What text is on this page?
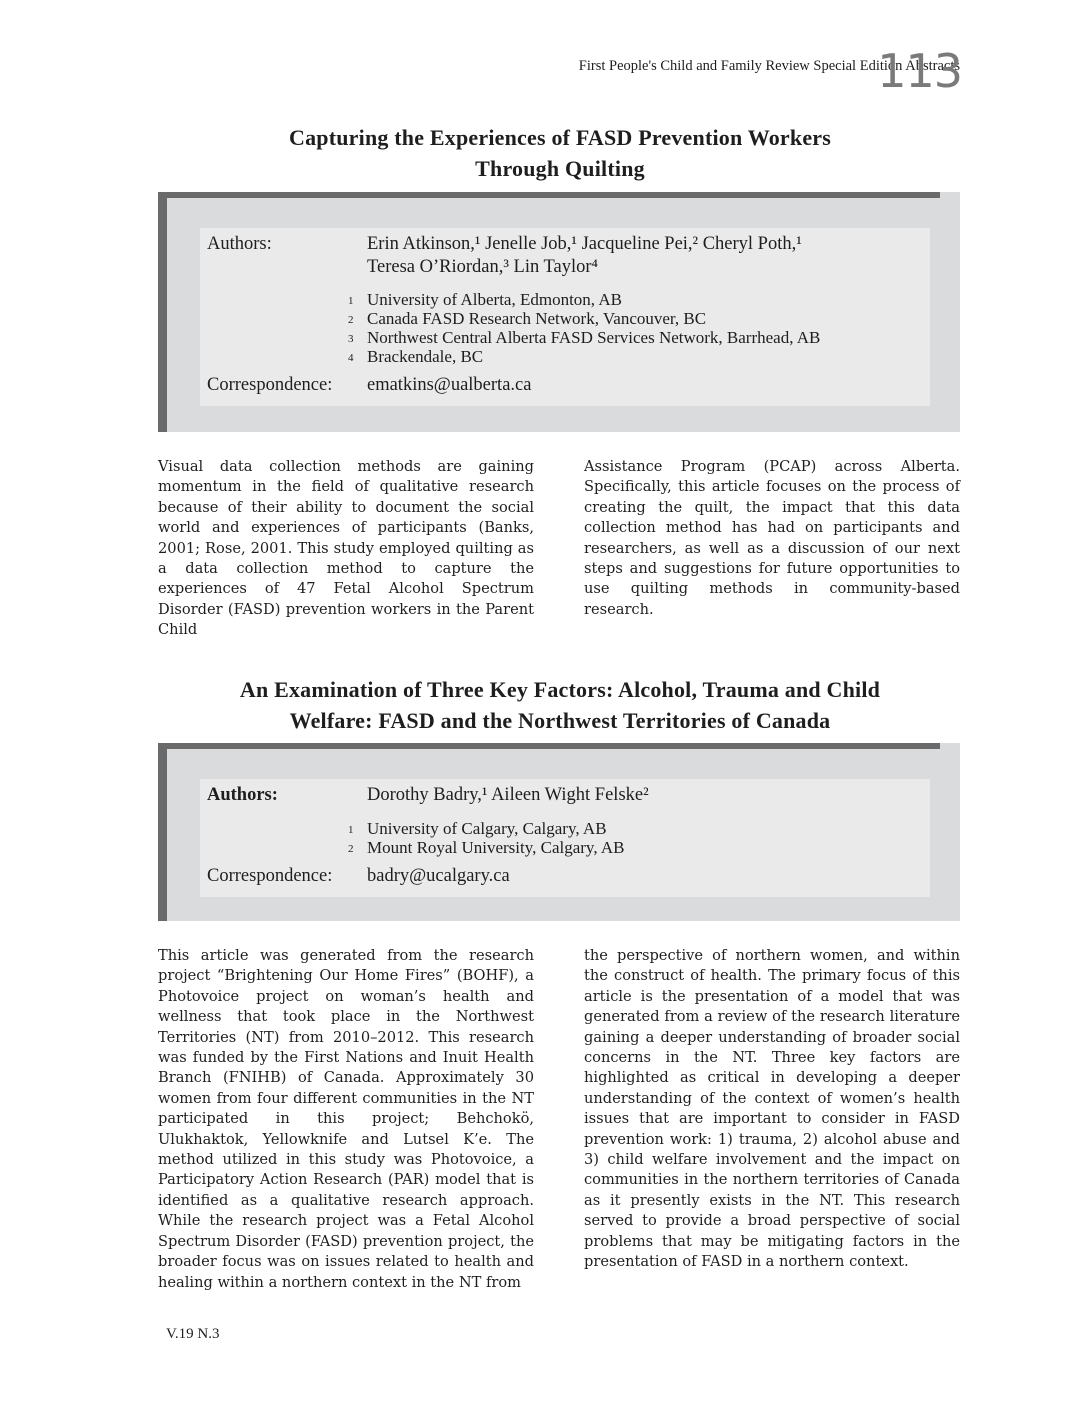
First People's Child and Family Review Special Edition Abstracts
113
Capturing the Experiences of FASD Prevention Workers
Through Quilting
Authors:	Erin Atkinson,¹ Jenelle Job,¹ Jacqueline Pei,² Cheryl Poth,¹
Teresa O’Riordan,³ Lin Taylor⁴
1 University of Alberta, Edmonton, AB
2 Canada FASD Research Network, Vancouver, BC
3 Northwest Central Alberta FASD Services Network, Barrhead, AB
4 Brackendale, BC
Correspondence: ematkins@ualberta.ca

Visual data collection methods are gaining momentum in the field of qualitative research because of their ability to document the social world and experiences of participants (Banks, 2001; Rose, 2001. This study employed quilting as a data collection method to capture the experiences of 47 Fetal Alcohol Spectrum Disorder (FASD) prevention workers in the Parent Child

Assistance Program (PCAP) across Alberta. Specifically, this article focuses on the process of creating the quilt, the impact that this data collection method has had on participants and researchers, as well as a discussion of our next steps and suggestions for future opportunities to use quilting methods in community-based research.

An Examination of Three Key Factors: Alcohol, Trauma and Child
Welfare: FASD and the Northwest Territories of Canada
Authors:	Dorothy Badry,¹ Aileen Wight Felske²
1 University of Calgary, Calgary, AB
2 Mount Royal University, Calgary, AB
Correspondence: badry@ucalgary.ca

This article was generated from the research project “Brightening Our Home Fires” (BOHF), a Photovoice project on woman’s health and wellness that took place in the Northwest Territories (NT) from 2010–2012. This research was funded by the First Nations and Inuit Health Branch (FNIHB) of Canada. Approximately 30 women from four different communities in the NT participated in this project; Behchokö, Ulukhaktok, Yellowknife and Lutsel K’e. The method utilized in this study was Photovoice, a Participatory Action Research (PAR) model that is identified as a qualitative research approach. While the research project was a Fetal Alcohol Spectrum Disorder (FASD) prevention project, the broader focus was on issues related to health and healing within a northern context in the NT from

the perspective of northern women, and within the construct of health. The primary focus of this article is the presentation of a model that was generated from a review of the research literature gaining a deeper understanding of broader social concerns in the NT. Three key factors are highlighted as critical in developing a deeper understanding of the context of women’s health issues that are important to consider in FASD prevention work: 1) trauma, 2) alcohol abuse and 3) child welfare involvement and the impact on communities in the northern territories of Canada as it presently exists in the NT. This research served to provide a broad perspective of social problems that may be mitigating factors in the presentation of FASD in a northern context.

V.19 N.3
